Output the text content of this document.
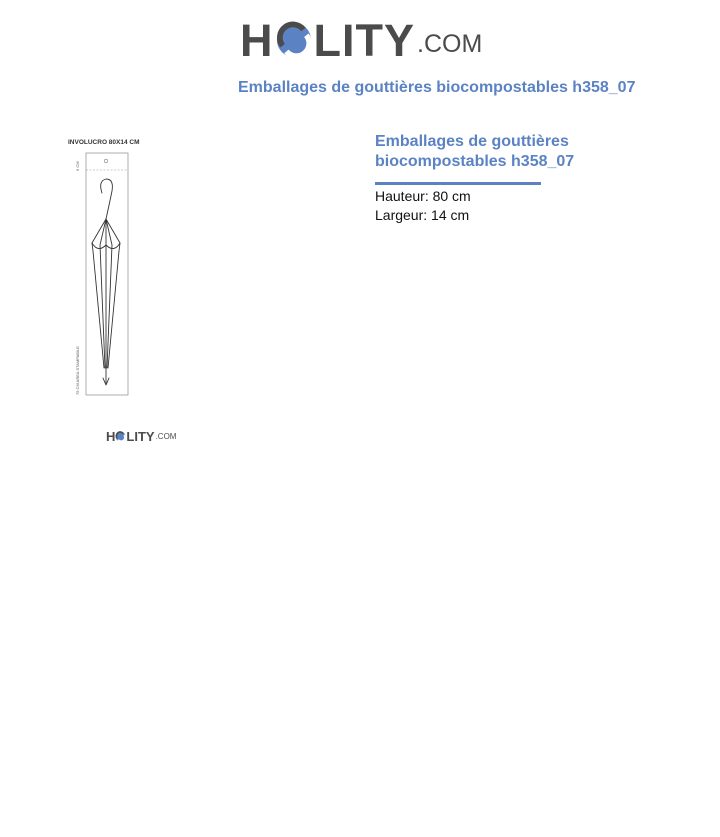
H LITY .COM
Emballages de gouttières biocompostables h358_07
INVOLUCRO 80X14 CM
5 CM
75 CM AREA STAMPABILE
H LITY .COM
Emballages de gouttières biocompostables h358_07
Hauteur: 80 cm
Largeur: 14 cm
